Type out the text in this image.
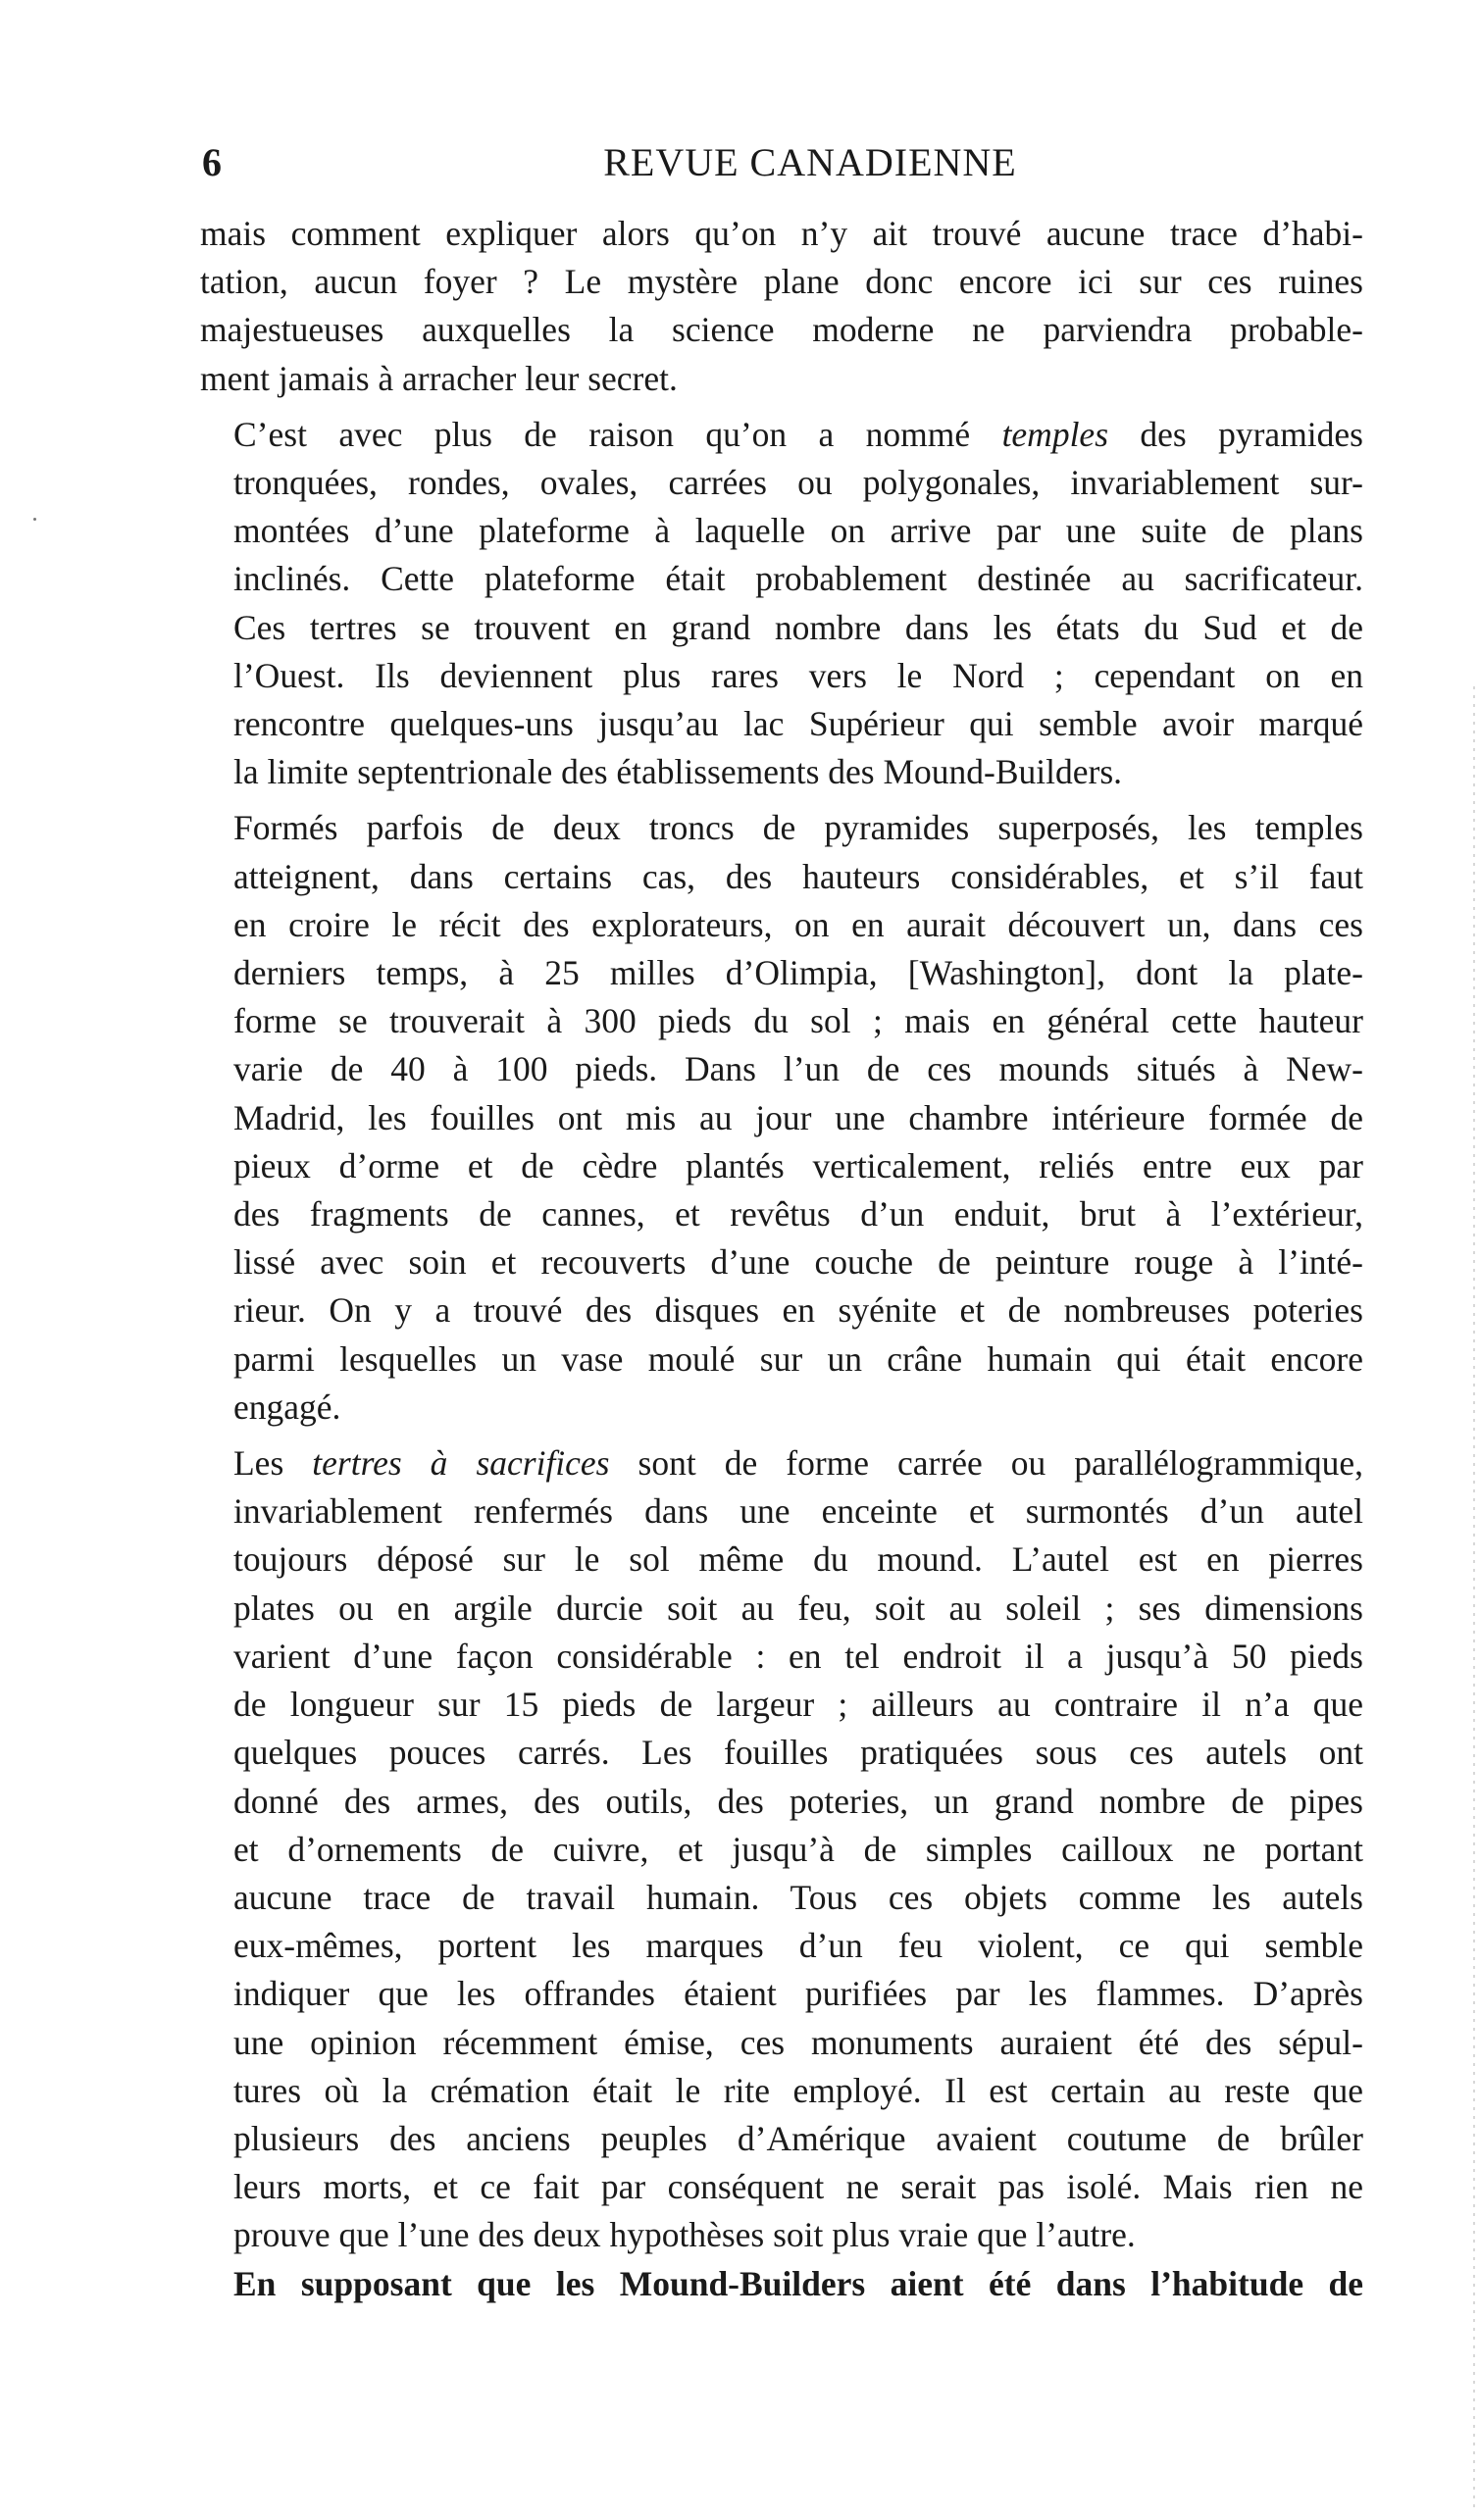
6	REVUE CANADIENNE

mais comment expliquer alors qu’on n’y ait trouvé aucune trace d’habi-
tation, aucun foyer ? Le mystère plane donc encore ici sur ces ruines
majestueuses auxquelles la science moderne ne parviendra probable-
ment jamais à arracher leur secret.

C’est avec plus de raison qu’on a nommé temples des pyramides
tronquées, rondes, ovales, carrées ou polygonales, invariablement sur-
montées d’une plateforme à laquelle on arrive par une suite de plans
inclinés. Cette plateforme était probablement destinée au sacrificateur.
Ces tertres se trouvent en grand nombre dans les états du Sud et de
l’Ouest. Ils deviennent plus rares vers le Nord ; cependant on en
rencontre quelques-uns jusqu’au lac Supérieur qui semble avoir marqué
la limite septentrionale des établissements des Mound-Builders.

Formés parfois de deux troncs de pyramides superposés, les temples
atteignent, dans certains cas, des hauteurs considérables, et s’il faut
en croire le récit des explorateurs, on en aurait découvert un, dans ces
derniers temps, à 25 milles d’Olimpia, [Washington], dont la plate-
forme se trouverait à 300 pieds du sol ; mais en général cette hauteur
varie de 40 à 100 pieds. Dans l’un de ces mounds situés à New-
Madrid, les fouilles ont mis au jour une chambre intérieure formée de
pieux d’orme et de cèdre plantés verticalement, reliés entre eux par
des fragments de cannes, et revêtus d’un enduit, brut à l’extérieur,
lissé avec soin et recouverts d’une couche de peinture rouge à l’inté-
rieur. On y a trouvé des disques en syénite et de nombreuses poteries
parmi lesquelles un vase moulé sur un crâne humain qui était encore
engagé.

Les tertres à sacrifices sont de forme carrée ou parallélogrammique,
invariablement renfermés dans une enceinte et surmontés d’un autel
toujours déposé sur le sol même du mound. L’autel est en pierres
plates ou en argile durcie soit au feu, soit au soleil ; ses dimensions
varient d’une façon considérable : en tel endroit il a jusqu’à 50 pieds
de longueur sur 15 pieds de largeur ; ailleurs au contraire il n’a que
quelques pouces carrés. Les fouilles pratiquées sous ces autels ont
donné des armes, des outils, des poteries, un grand nombre de pipes
et d’ornements de cuivre, et jusqu’à de simples cailloux ne portant
aucune trace de travail humain. Tous ces objets comme les autels
eux-mêmes, portent les marques d’un feu violent, ce qui semble
indiquer que les offrandes étaient purifiées par les flammes. D’après
une opinion récemment émise, ces monuments auraient été des sépul-
tures où la crémation était le rite employé. Il est certain au reste que
plusieurs des anciens peuples d’Amérique avaient coutume de brûler
leurs morts, et ce fait par conséquent ne serait pas isolé. Mais rien ne
prouve que l’une des deux hypothèses soit plus vraie que l’autre.

En supposant que les Mound-Builders aient été dans l’habitude de
